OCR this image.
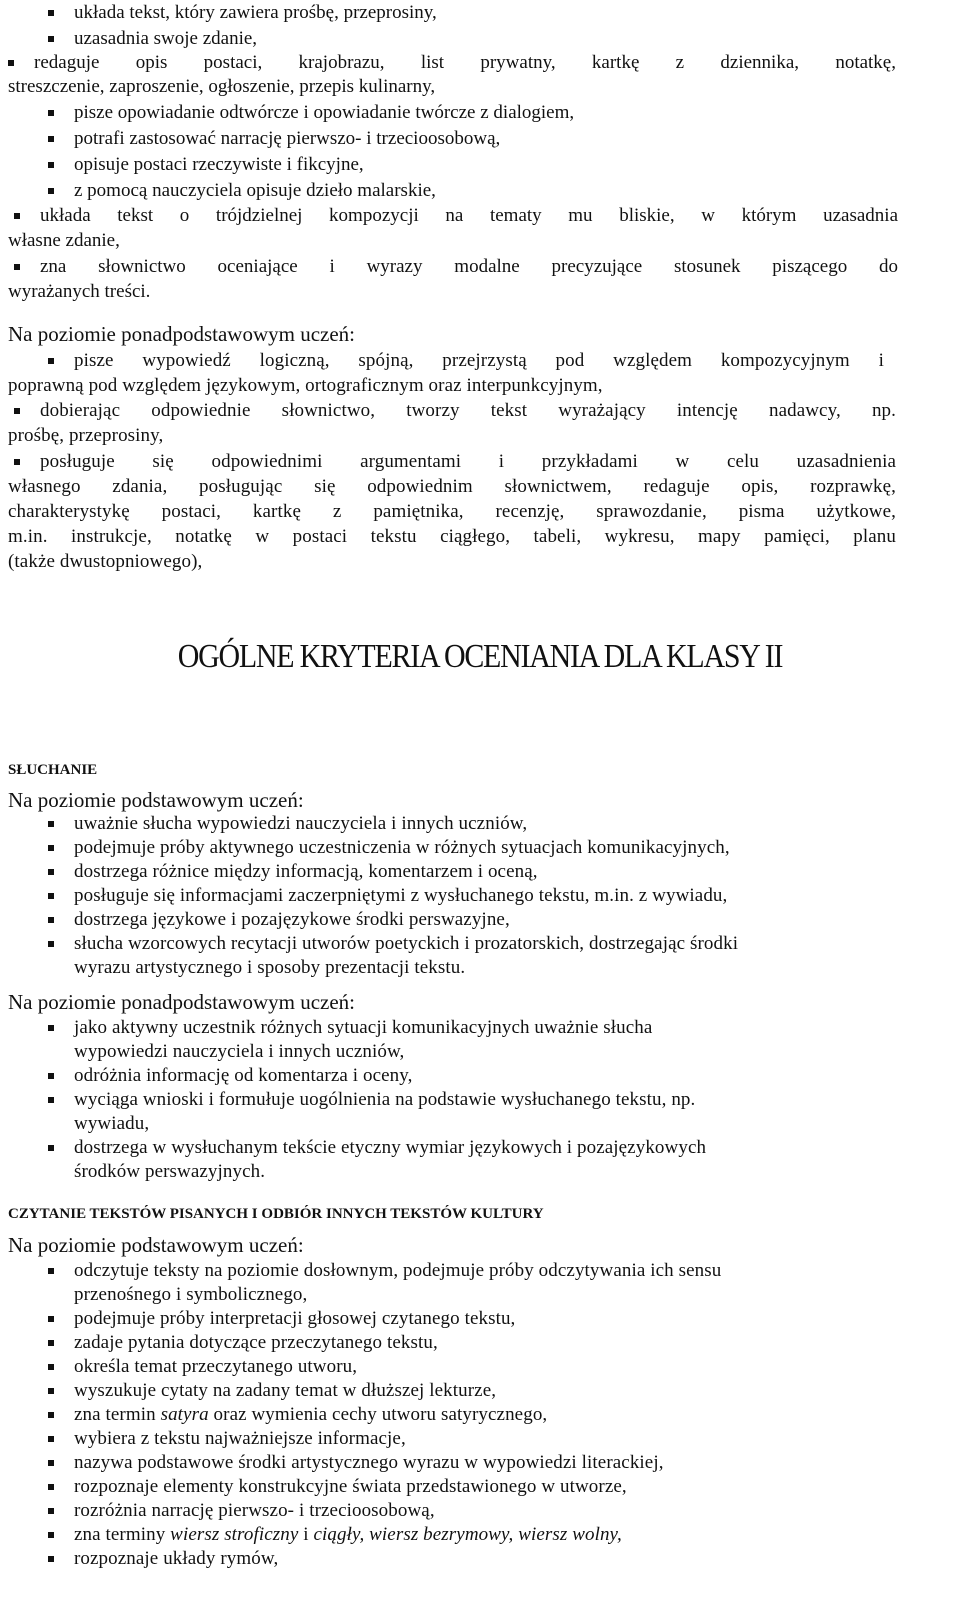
układa tekst, który zawiera prośbę, przeprosiny,
uzasadnia swoje zdanie,
redaguje opis postaci, krajobrazu, list prywatny, kartkę z dziennika, notatkę,
streszczenie, zaproszenie, ogłoszenie, przepis kulinarny,
pisze opowiadanie odtwórcze i opowiadanie twórcze z dialogiem,
potrafi zastosować narrację pierwszo- i trzecioosobową,
opisuje postaci rzeczywiste i fikcyjne,
z pomocą nauczyciela opisuje dzieło malarskie,
układa tekst o trójdzielnej kompozycji na tematy mu bliskie, w którym uzasadnia
własne zdanie,
zna słownictwo oceniające i wyrazy modalne precyzujące stosunek piszącego do
wyrażanych treści.
Na poziomie ponadpodstawowym uczeń:
pisze wypowiedź logiczną, spójną, przejrzystą pod względem kompozycyjnym i
poprawną pod względem językowym, ortograficznym oraz interpunkcyjnym,
dobierając odpowiednie słownictwo, tworzy tekst wyrażający intencję nadawcy, np.
prośbę, przeprosiny,
posługuje się odpowiednimi argumentami i przykładami w celu uzasadnienia
własnego zdania, posługując się odpowiednim słownictwem, redaguje opis, rozprawkę,
charakterystykę postaci, kartkę z pamiętnika, recenzję, sprawozdanie, pisma użytkowe,
m.in. instrukcje, notatkę w postaci tekstu ciągłego, tabeli, wykresu, mapy pamięci, planu
(także dwustopniowego),
OGÓLNE KRYTERIA OCENIANIA DLA KLASY II
SŁUCHANIE
Na poziomie podstawowym uczeń:
uważnie słucha wypowiedzi nauczyciela i innych uczniów,
podejmuje próby aktywnego uczestniczenia w różnych sytuacjach komunikacyjnych,
dostrzega różnice między informacją, komentarzem i oceną,
posługuje się informacjami zaczerpniętymi z wysłuchanego tekstu, m.in. z wywiadu,
dostrzega językowe i pozajęzykowe środki perswazyjne,
słucha wzorcowych recytacji utworów poetyckich i prozatorskich, dostrzegając środki
wyrazu artystycznego i sposoby prezentacji tekstu.
Na poziomie ponadpodstawowym uczeń:
jako aktywny uczestnik różnych sytuacji komunikacyjnych uważnie słucha
wypowiedzi nauczyciela i innych uczniów,
odróżnia informację od komentarza i oceny,
wyciąga wnioski i formułuje uogólnienia na podstawie wysłuchanego tekstu, np.
wywiadu,
dostrzega w wysłuchanym tekście etyczny wymiar językowych i pozajęzykowych
środków perswazyjnych.
CZYTANIE TEKSTÓW PISANYCH I ODBIÓR INNYCH TEKSTÓW KULTURY
Na poziomie podstawowym uczeń:
odczytuje teksty na poziomie dosłownym, podejmuje próby odczytywania ich sensu
przenośnego i symbolicznego,
podejmuje próby interpretacji głosowej czytanego tekstu,
zadaje pytania dotyczące przeczytanego tekstu,
określa temat przeczytanego utworu,
wyszukuje cytaty na zadany temat w dłuższej lekturze,
zna termin satyra oraz wymienia cechy utworu satyrycznego,
wybiera z tekstu najważniejsze informacje,
nazywa podstawowe środki artystycznego wyrazu w wypowiedzi literackiej,
rozpoznaje elementy konstrukcyjne świata przedstawionego w utworze,
rozróżnia narrację pierwszo- i trzecioosobową,
zna terminy wiersz stroficzny i ciągły, wiersz bezrymowy, wiersz wolny,
rozpoznaje układy rymów,
